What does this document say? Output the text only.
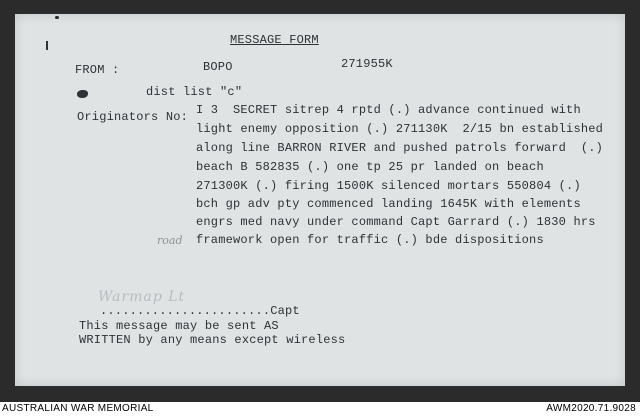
MESSAGE FORM
FROM :	BOPO	271955K
dist list "c"
Originators No: I 3  SECRET sitrep 4 rptd (.) advance continued with
light enemy opposition (.) 271130K  2/15 bn established
along line BARRON RIVER and pushed patrols forward  (.)
beach B 582835 (.) one tp 25 pr landed on beach
271300K (.) firing 1500K silenced mortars 550804 (.)
bch gp adv pty commenced landing 1645K with elements
engrs med navy under command Capt Garrard (.) 1830 hrs
framework open for traffic (.) bde dispositions
road
Warmap Lt
.......................Capt
This message may be sent AS
WRITTEN by any means except wireless
AUSTRALIAN WAR MEMORIAL	AWM2020.71.9028
